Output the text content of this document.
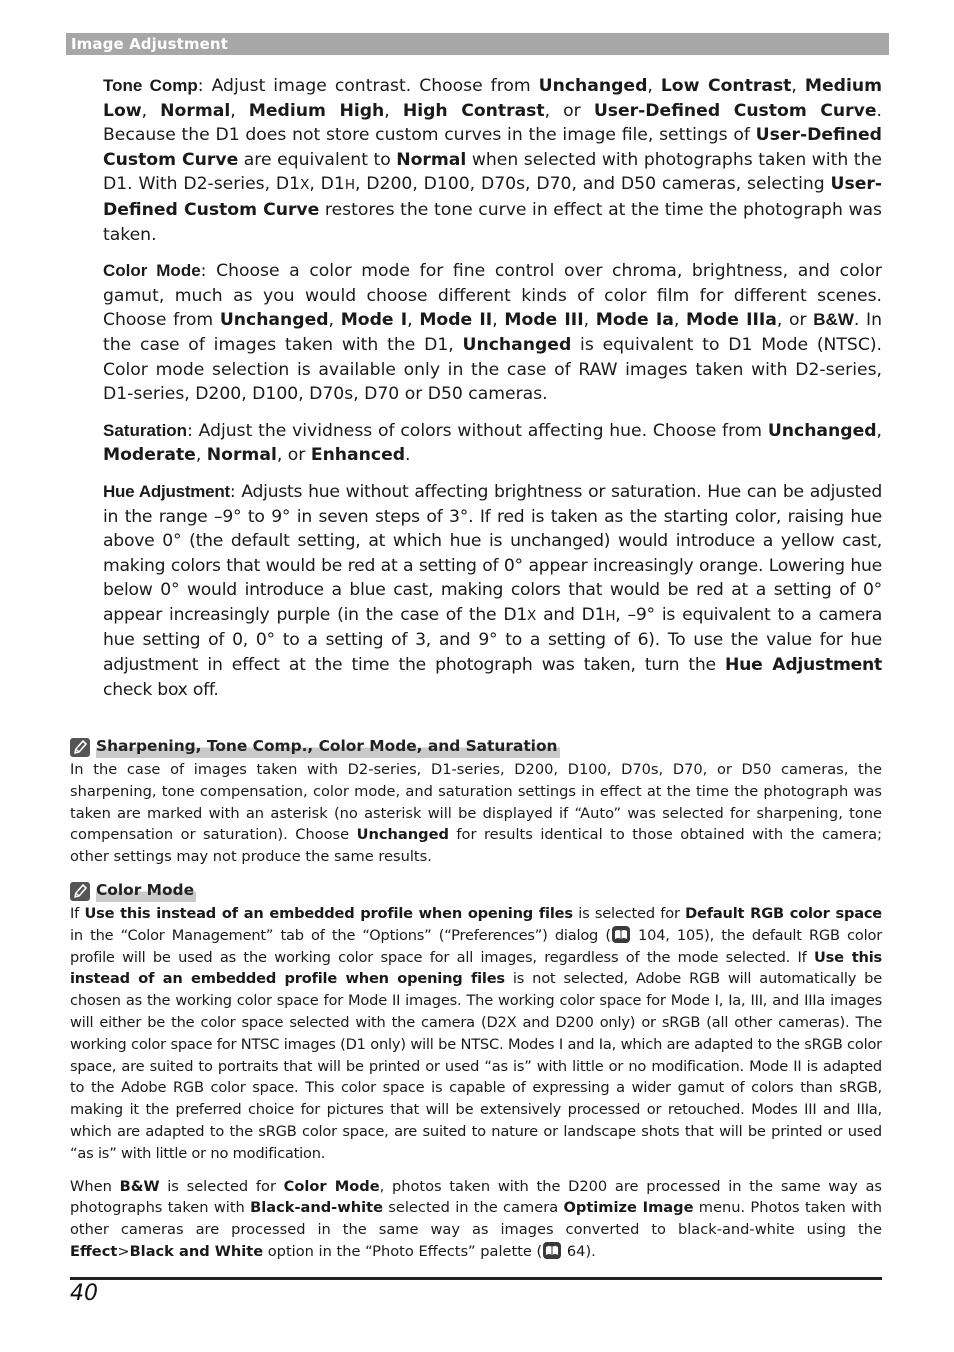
Image Adjustment

Tone Comp: Adjust image contrast. Choose from Unchanged, Low Contrast, Medium Low, Normal, Medium High, High Contrast, or User-Defined Custom Curve. Because the D1 does not store custom curves in the image file, settings of User-Defined Custom Curve are equivalent to Normal when selected with photographs taken with the D1. With D2-series, D1X, D1H, D200, D100, D70s, D70, and D50 cameras, selecting User-Defined Custom Curve restores the tone curve in effect at the time the photograph was taken.

Color Mode: Choose a color mode for fine control over chroma, brightness, and color gamut, much as you would choose different kinds of color film for different scenes. Choose from Unchanged, Mode I, Mode II, Mode III, Mode Ia, Mode IIIa, or B&W. In the case of images taken with the D1, Unchanged is equivalent to D1 Mode (NTSC). Color mode selection is available only in the case of RAW images taken with D2-series, D1-series, D200, D100, D70s, D70 or D50 cameras.

Saturation: Adjust the vividness of colors without affecting hue. Choose from Unchanged, Moderate, Normal, or Enhanced.

Hue Adjustment: Adjusts hue without affecting brightness or saturation. Hue can be adjusted in the range –9° to 9° in seven steps of 3°. If red is taken as the starting color, raising hue above 0° (the default setting, at which hue is unchanged) would introduce a yellow cast, making colors that would be red at a setting of 0° appear increasingly orange. Lowering hue below 0° would introduce a blue cast, making colors that would be red at a setting of 0° appear increasingly purple (in the case of the D1X and D1H, –9° is equivalent to a camera hue setting of 0, 0° to a setting of 3, and 9° to a setting of 6). To use the value for hue adjustment in effect at the time the photograph was taken, turn the Hue Adjustment check box off.

Sharpening, Tone Comp., Color Mode, and Saturation

In the case of images taken with D2-series, D1-series, D200, D100, D70s, D70, or D50 cameras, the sharpening, tone compensation, color mode, and saturation settings in effect at the time the photograph was taken are marked with an asterisk (no asterisk will be displayed if “Auto” was selected for sharpening, tone compensation or saturation). Choose Unchanged for results identical to those obtained with the camera; other settings may not produce the same results.

Color Mode

If Use this instead of an embedded profile when opening files is selected for Default RGB color space in the “Color Management” tab of the “Options” (“Preferences”) dialog (
104, 105), the default RGB color profile will be used as the working color space for all images, regardless of the mode selected. If Use this instead of an embedded profile when opening files is not selected, Adobe RGB will automatically be chosen as the working color space for Mode II images. The working color space for Mode I, Ia, III, and IIIa images will either be the color space selected with the camera (D2X and D200 only) or sRGB (all other cameras). The working color space for NTSC images (D1 only) will be NTSC. Modes I and Ia, which are adapted to the sRGB color space, are suited to portraits that will be printed or used “as is” with little or no modification. Mode II is adapted to the Adobe RGB color space. This color space is capable of expressing a wider gamut of colors than sRGB, making it the preferred choice for pictures that will be extensively processed or retouched. Modes III and IIIa, which are adapted to the sRGB color space, are suited to nature or landscape shots that will be printed or used “as is” with little or no modification.

When B&W is selected for Color Mode, photos taken with the D200 are processed in the same way as photographs taken with Black-and-white selected in the camera Optimize Image menu. Photos taken with other cameras are processed in the same way as images converted to black-and-white using the Effect>Black and White option in the “Photo Effects” palette (
64).

40
